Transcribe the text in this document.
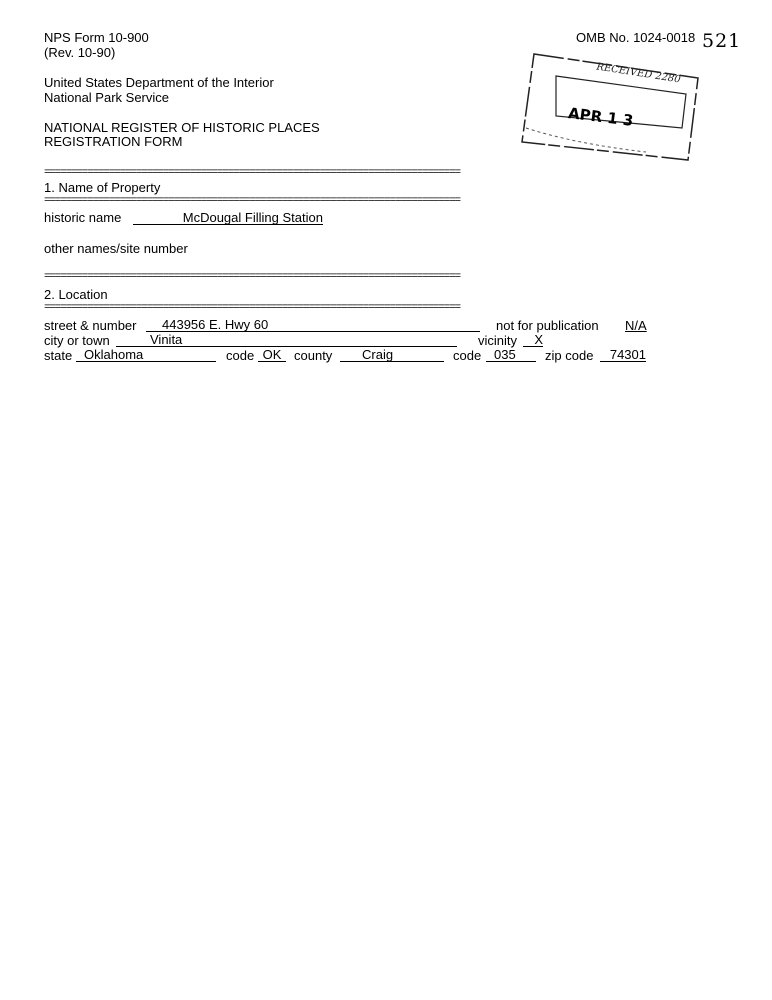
NPS Form 10-900
(Rev. 10-90)
OMB No. 1024-0018 521
United States Department of the Interior
National Park Service
NATIONAL REGISTER OF HISTORIC PLACES
REGISTRATION FORM
RECEIVED 2280
APR 1 3
=============================================================================
1. Name of Property
=============================================================================
historic name	McDougal Filling Station
other names/site number
=============================================================================
2. Location
=============================================================================
street & number	443956 E. Hwy 60	not for publication N/A
city or town	Vinita	vicinity	X
state Oklahoma	code OK county	Craig	code 035	zip code	74301
